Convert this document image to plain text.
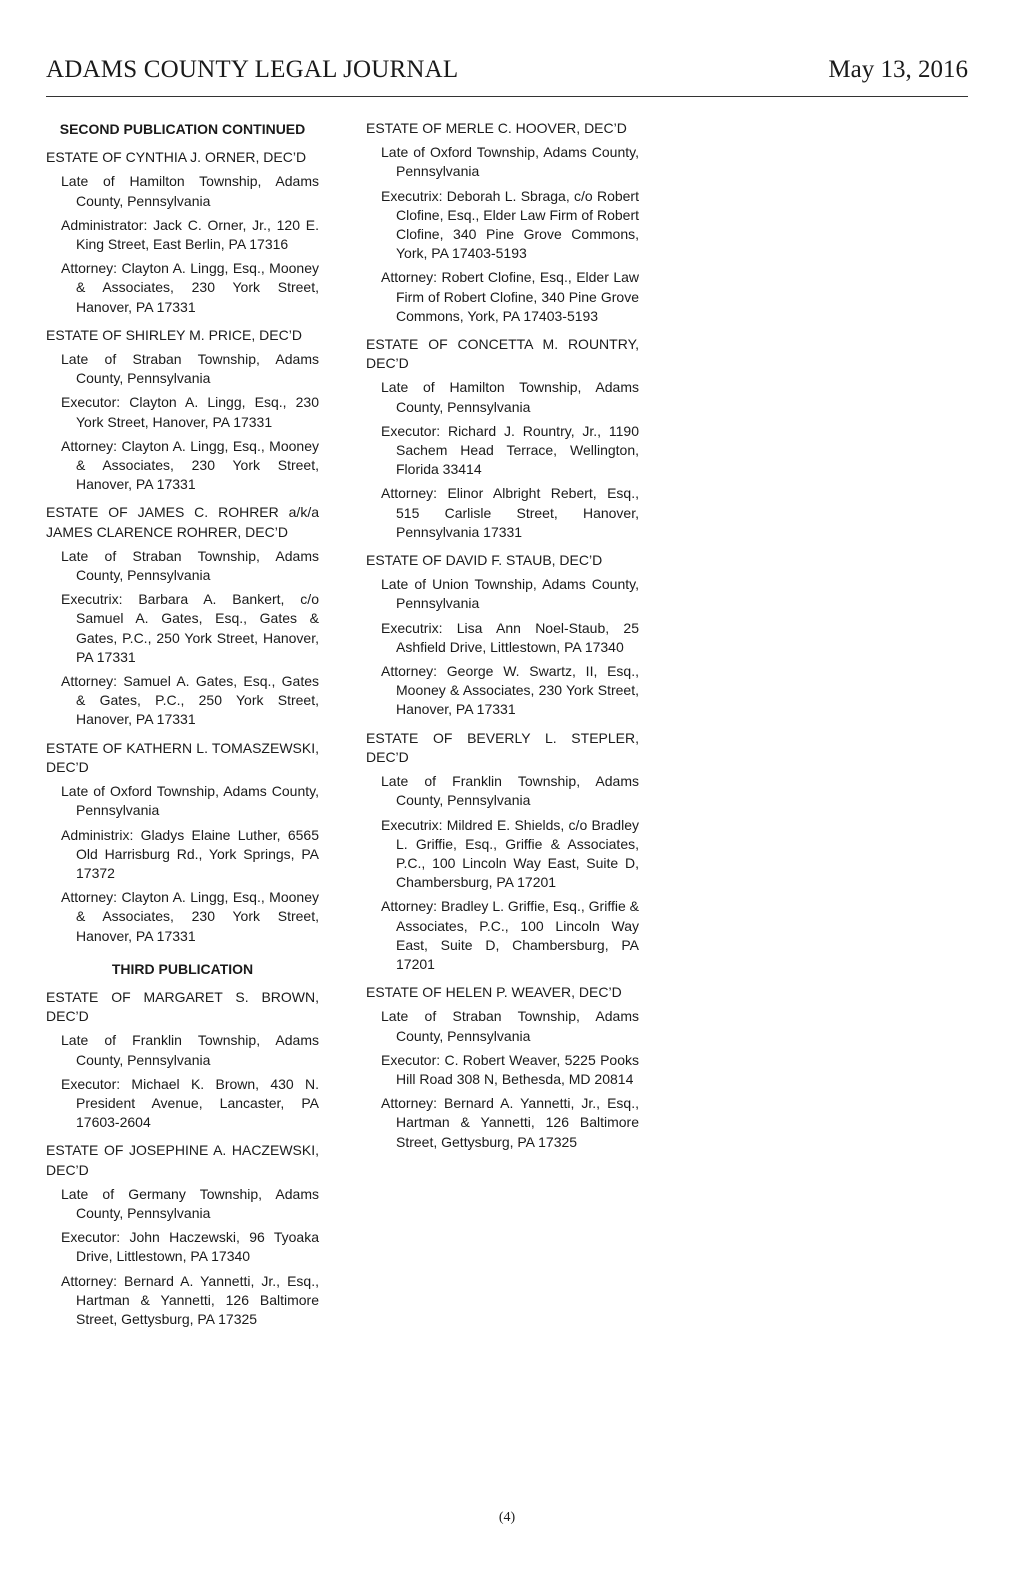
ADAMS COUNTY LEGAL JOURNAL	May 13, 2016
SECOND PUBLICATION CONTINUED
ESTATE OF CYNTHIA J. ORNER, DEC’D
Late of Hamilton Township, Adams County, Pennsylvania
Administrator: Jack C. Orner, Jr., 120 E. King Street, East Berlin, PA 17316
Attorney: Clayton A. Lingg, Esq., Mooney & Associates, 230 York Street, Hanover, PA 17331
ESTATE OF SHIRLEY M. PRICE, DEC’D
Late of Straban Township, Adams County, Pennsylvania
Executor: Clayton A. Lingg, Esq., 230 York Street, Hanover, PA 17331
Attorney: Clayton A. Lingg, Esq., Mooney & Associates, 230 York Street, Hanover, PA 17331
ESTATE OF JAMES C. ROHRER a/k/a JAMES CLARENCE ROHRER, DEC’D
Late of Straban Township, Adams County, Pennsylvania
Executrix: Barbara A. Bankert, c/o Samuel A. Gates, Esq., Gates & Gates, P.C., 250 York Street, Hanover, PA 17331
Attorney: Samuel A. Gates, Esq., Gates & Gates, P.C., 250 York Street, Hanover, PA 17331
ESTATE OF KATHERN L. TOMASZEWSKI, DEC’D
Late of Oxford Township, Adams County, Pennsylvania
Administrix: Gladys Elaine Luther, 6565 Old Harrisburg Rd., York Springs, PA 17372
Attorney: Clayton A. Lingg, Esq., Mooney & Associates, 230 York Street, Hanover, PA 17331
THIRD PUBLICATION
ESTATE OF MARGARET S. BROWN, DEC’D
Late of Franklin Township, Adams County, Pennsylvania
Executor: Michael K. Brown, 430 N. President Avenue, Lancaster, PA 17603-2604
ESTATE OF JOSEPHINE A. HACZEWSKI, DEC’D
Late of Germany Township, Adams County, Pennsylvania
Executor: John Haczewski, 96 Tyoaka Drive, Littlestown, PA 17340
Attorney: Bernard A. Yannetti, Jr., Esq., Hartman & Yannetti, 126 Baltimore Street, Gettysburg, PA 17325
ESTATE OF MERLE C. HOOVER, DEC’D
Late of Oxford Township, Adams County, Pennsylvania
Executrix: Deborah L. Sbraga, c/o Robert Clofine, Esq., Elder Law Firm of Robert Clofine, 340 Pine Grove Commons, York, PA 17403-5193
Attorney: Robert Clofine, Esq., Elder Law Firm of Robert Clofine, 340 Pine Grove Commons, York, PA 17403-5193
ESTATE OF CONCETTA M. ROUNTRY, DEC’D
Late of Hamilton Township, Adams County, Pennsylvania
Executor: Richard J. Rountry, Jr., 1190 Sachem Head Terrace, Wellington, Florida 33414
Attorney: Elinor Albright Rebert, Esq., 515 Carlisle Street, Hanover, Pennsylvania 17331
ESTATE OF DAVID F. STAUB, DEC’D
Late of Union Township, Adams County, Pennsylvania
Executrix: Lisa Ann Noel-Staub, 25 Ashfield Drive, Littlestown, PA 17340
Attorney: George W. Swartz, II, Esq., Mooney & Associates, 230 York Street, Hanover, PA 17331
ESTATE OF BEVERLY L. STEPLER, DEC’D
Late of Franklin Township, Adams County, Pennsylvania
Executrix: Mildred E. Shields, c/o Bradley L. Griffie, Esq., Griffie & Associates, P.C., 100 Lincoln Way East, Suite D, Chambersburg, PA 17201
Attorney: Bradley L. Griffie, Esq., Griffie & Associates, P.C., 100 Lincoln Way East, Suite D, Chambersburg, PA 17201
ESTATE OF HELEN P. WEAVER, DEC’D
Late of Straban Township, Adams County, Pennsylvania
Executor: C. Robert Weaver, 5225 Pooks Hill Road 308 N, Bethesda, MD 20814
Attorney: Bernard A. Yannetti, Jr., Esq., Hartman & Yannetti, 126 Baltimore Street, Gettysburg, PA 17325
(4)
